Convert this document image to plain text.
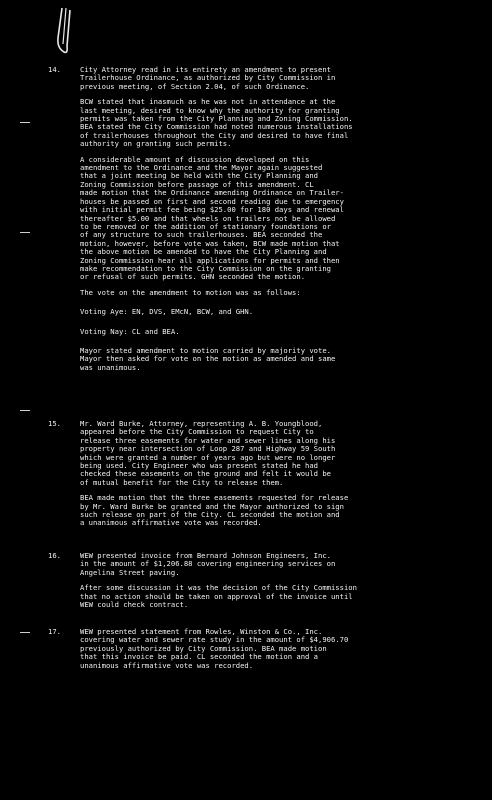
14.	City Attorney read in its entirety an amendment to present
Trailerhouse Ordinance, as authorized by City Commission in
previous meeting, of Section 2.04, of such Ordinance.

BCW stated that inasmuch as he was not in attendance at the
last meeting, desired to know why the authority for granting
permits was taken from the City Planning and Zoning Commission.
BEA stated the City Commission had noted numerous installations
of trailerhouses throughout the City and desired to have final
authority on granting such permits.

A considerable amount of discussion developed on this
amendment to the Ordinance and the Mayor again suggested
that a joint meeting be held with the City Planning and
Zoning Commission before passage of this amendment. CL
made motion that the Ordinance amending Ordinance on Trailer-
houses be passed on first and second reading due to emergency
with initial permit fee being $25.00 for 180 days and renewal
thereafter $5.00 and that wheels on trailers not be allowed
to be removed or the addition of stationary foundations or
of any structure to such trailerhouses. BEA seconded the
motion, however, before vote was taken, BCW made motion that
the above motion be amended to have the City Planning and
Zoning Commission hear all applications for permits and then
make recommendation to the City Commission on the granting
or refusal of such permits. GHN seconded the motion.

The vote on the amendment to motion was as follows:

Voting Aye: EN, DVS, EMcN, BCW, and GHN.

Voting Nay: CL and BEA.

Mayor stated amendment to motion carried by majority vote.
Mayor then asked for vote on the motion as amended and same
was unanimous.

15.	Mr. Ward Burke, Attorney, representing A. B. Youngblood,
appeared before the City Commission to request City to
release three easements for water and sewer lines along his
property near intersection of Loop 287 and Highway 59 South
which were granted a number of years ago but were no longer
being used. City Engineer who was present stated he had
checked these easements on the ground and felt it would be
of mutual benefit for the City to release them.

BEA made motion that the three easements requested for release
by Mr. Ward Burke be granted and the Mayor authorized to sign
such release on part of the City. CL seconded the motion and
a unanimous affirmative vote was recorded.

16.	WEW presented invoice from Bernard Johnson Engineers, Inc.
in the amount of $1,206.88 covering engineering services on
Angelina Street paving.

After some discussion it was the decision of the City Commission
that no action should be taken on approval of the invoice until
WEW could check contract.

17.	WEW presented statement from Rowles, Winston & Co., Inc.
covering water and sewer rate study in the amount of $4,906.70
previously authorized by City Commission. BEA made motion
that this invoice be paid. CL seconded the motion and a
unanimous affirmative vote was recorded.
